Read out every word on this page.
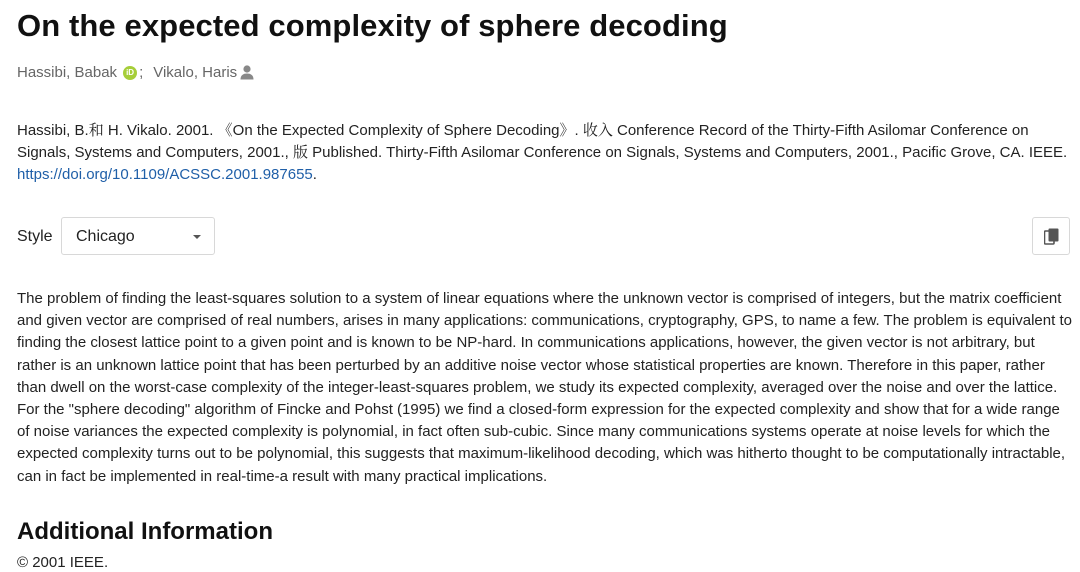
On the expected complexity of sphere decoding
Hassibi, Babak	iD ; Vikalo, Haris
Hassibi, B.和 H. Vikalo. 2001. 《On the Expected Complexity of Sphere Decoding》. 收入 Conference Record of the Thirty-Fifth Asilomar Conference on Signals, Systems and Computers, 2001., 版 Published. Thirty-Fifth Asilomar Conference on Signals, Systems and Computers, 2001., Pacific Grove, CA. IEEE. https://doi.org/10.1109/ACSSC.2001.987655.
Style Chicago

The problem of finding the least-squares solution to a system of linear equations where the unknown vector is comprised of integers, but the matrix coefficient and given vector are comprised of real numbers, arises in many applications: communications, cryptography, GPS, to name a few. The problem is equivalent to finding the closest lattice point to a given point and is known to be NP-hard. In communications applications, however, the given vector is not arbitrary, but rather is an unknown lattice point that has been perturbed by an additive noise vector whose statistical properties are known. Therefore in this paper, rather than dwell on the worst-case complexity of the integer-least-squares problem, we study its expected complexity, averaged over the noise and over the lattice. For the "sphere decoding" algorithm of Fincke and Pohst (1995) we find a closed-form expression for the expected complexity and show that for a wide range of noise variances the expected complexity is polynomial, in fact often sub-cubic. Since many communications systems operate at noise levels for which the expected complexity turns out to be polynomial, this suggests that maximum-likelihood decoding, which was hitherto thought to be computationally intractable, can in fact be implemented in real-time-a result with many practical implications.

Additional Information
© 2001 IEEE.
